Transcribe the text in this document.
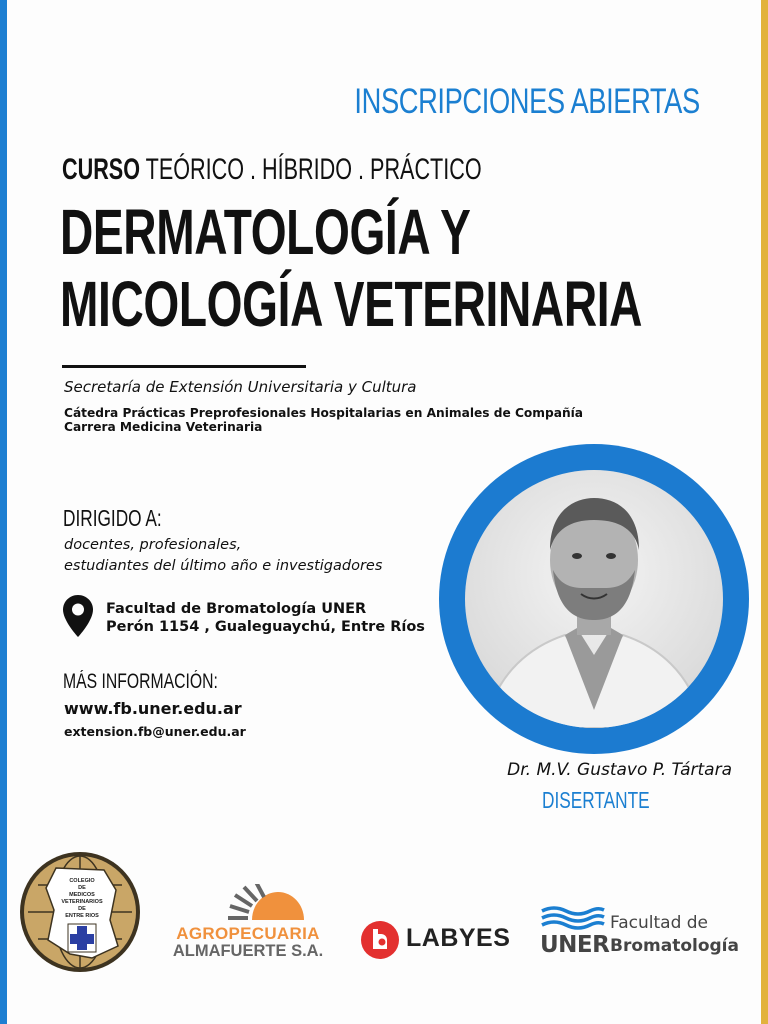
INSCRIPCIONES ABIERTAS
CURSO TEÓRICO . HÍBRIDO . PRÁCTICO
DERMATOLOGÍA Y
MICOLOGÍA VETERINARIA
Secretaría de Extensión Universitaria y Cultura
Cátedra Prácticas Preprofesionales Hospitalarias en Animales de Compañía
Carrera Medicina Veterinaria
DIRIGIDO A:
docentes, profesionales,
estudiantes del último año e investigadores
Facultad de Bromatología UNER
Perón 1154 , Gualeguaychú, Entre Ríos
MÁS INFORMACIÓN:
www.fb.uner.edu.ar
extension.fb@uner.edu.ar
Dr. M.V. Gustavo P. Tártara
DISERTANTE
COLEGIO
DE
MEDICOS
VETERINARIOS
DE
ENTRE RIOS
AGROPECUARIA
ALMAFUERTE S.A.	LABYES UNER
Facultad de
Bromatología
